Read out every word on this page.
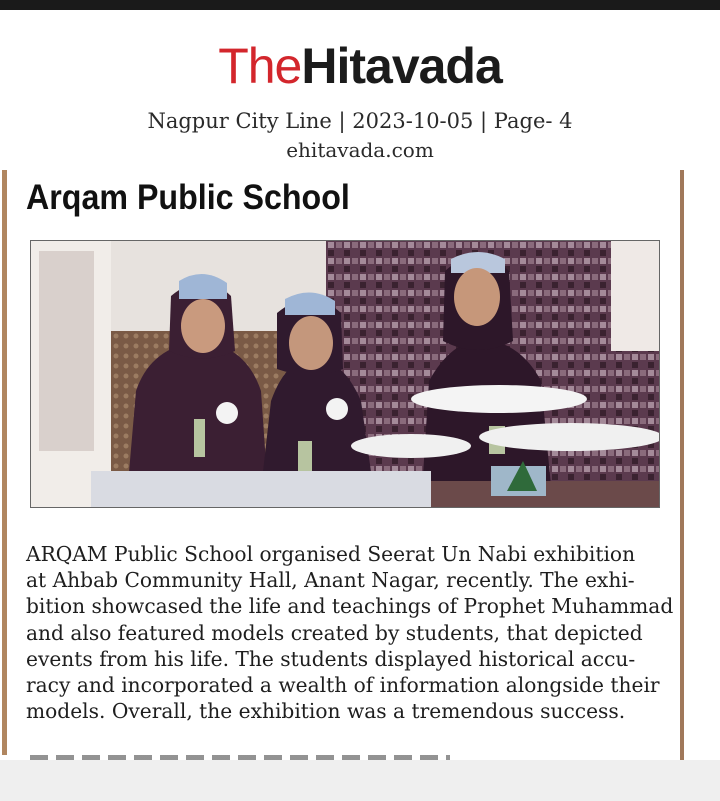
TheHitavada
Nagpur City Line | 2023-10-05 | Page- 4
ehitavada.com
Arqam Public School

ARQAM Public School organised Seerat Un Nabi exhibition
at Ahbab Community Hall, Anant Nagar, recently. The exhi-
bition showcased the life and teachings of Prophet Muhammad
and also featured models created by students, that depicted
events from his life. The students displayed historical accu-
racy and incorporated a wealth of information alongside their
models. Overall, the exhibition was a tremendous success.
